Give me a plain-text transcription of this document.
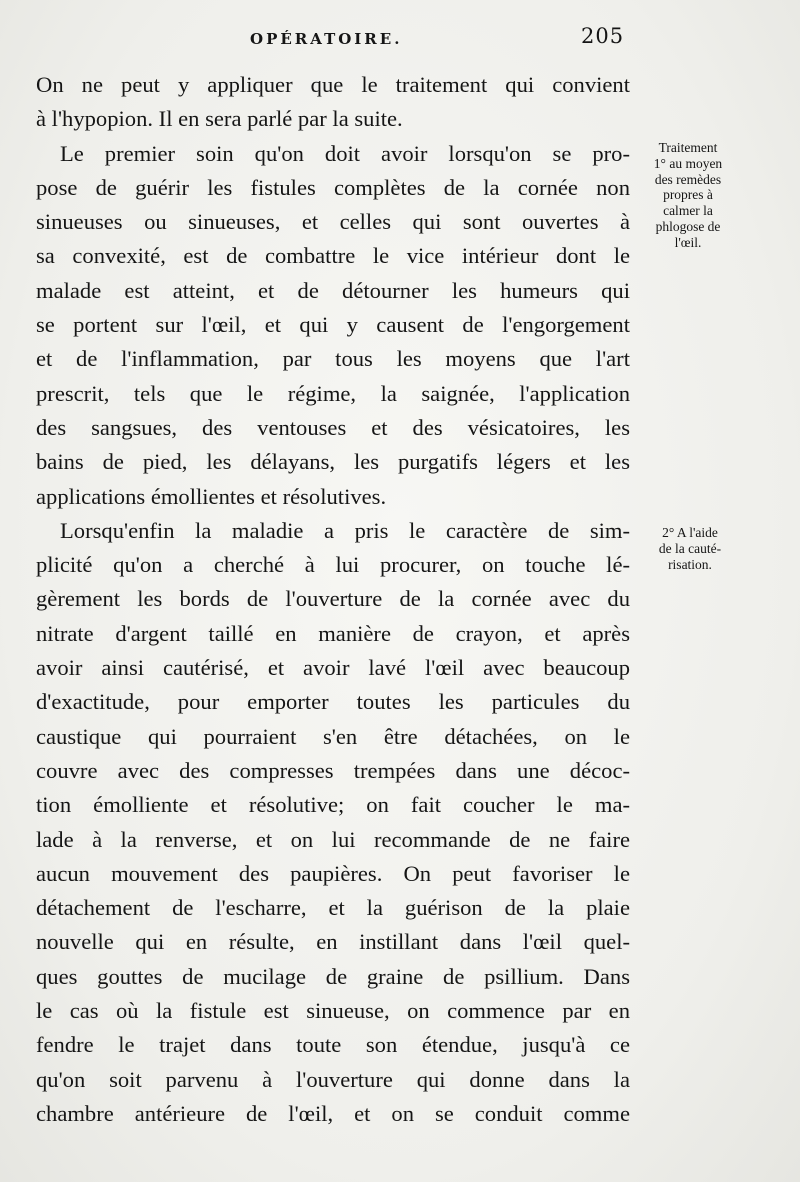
OPÉRATOIRE.	205
On ne peut y appliquer que le traitement qui convient
à l'hypopion. Il en sera parlé par la suite.
Le premier soin qu'on doit avoir lorsqu'on se pro-
pose de guérir les fistules complètes de la cornée non
sinueuses ou sinueuses, et celles qui sont ouvertes à
sa convexité, est de combattre le vice intérieur dont le
malade est atteint, et de détourner les humeurs qui
se portent sur l'œil, et qui y causent de l'engorgement
et de l'inflammation, par tous les moyens que l'art
prescrit, tels que le régime, la saignée, l'application
des sangsues, des ventouses et des vésicatoires, les
bains de pied, les délayans, les purgatifs légers et les
applications émollientes et résolutives.
Lorsqu'enfin la maladie a pris le caractère de sim-
plicité qu'on a cherché à lui procurer, on touche lé-
gèrement les bords de l'ouverture de la cornée avec du
nitrate d'argent taillé en manière de crayon, et après
avoir ainsi cautérisé, et avoir lavé l'œil avec beaucoup
d'exactitude, pour emporter toutes les particules du
caustique qui pourraient s'en être détachées, on le
couvre avec des compresses trempées dans une décoc-
tion émolliente et résolutive; on fait coucher le ma-
lade à la renverse, et on lui recommande de ne faire
aucun mouvement des paupières. On peut favoriser le
détachement de l'escharre, et la guérison de la plaie
nouvelle qui en résulte, en instillant dans l'œil quel-
ques gouttes de mucilage de graine de psillium. Dans
le cas où la fistule est sinueuse, on commence par en
fendre le trajet dans toute son étendue, jusqu'à ce
qu'on soit parvenu à l'ouverture qui donne dans la
chambre antérieure de l'œil, et on se conduit comme
Traitement
1° au moyen
des remèdes
propres à
calmer la
phlogose de
l'œil.
2° A l'aide
de la cauté-
risation.
